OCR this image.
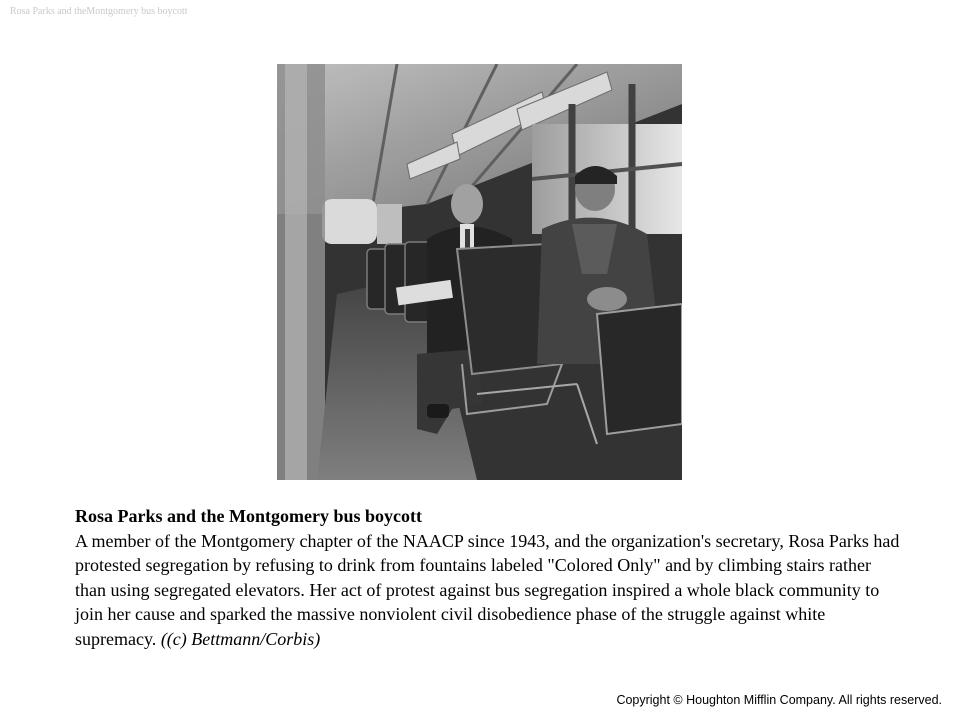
Rosa Parks and theMontgomery bus boycott
Rosa Parks and the Montgomery bus boycott
A member of the Montgomery chapter of the NAACP since 1943, and the organization's secretary, Rosa Parks had protested segregation by refusing to drink from fountains labeled "Colored Only" and by climbing stairs rather than using segregated elevators. Her act of protest against bus segregation inspired a whole black community to join her cause and sparked the massive nonviolent civil disobedience phase of the struggle against white supremacy. ((c) Bettmann/Corbis)
Copyright © Houghton Mifflin Company. All rights reserved.
